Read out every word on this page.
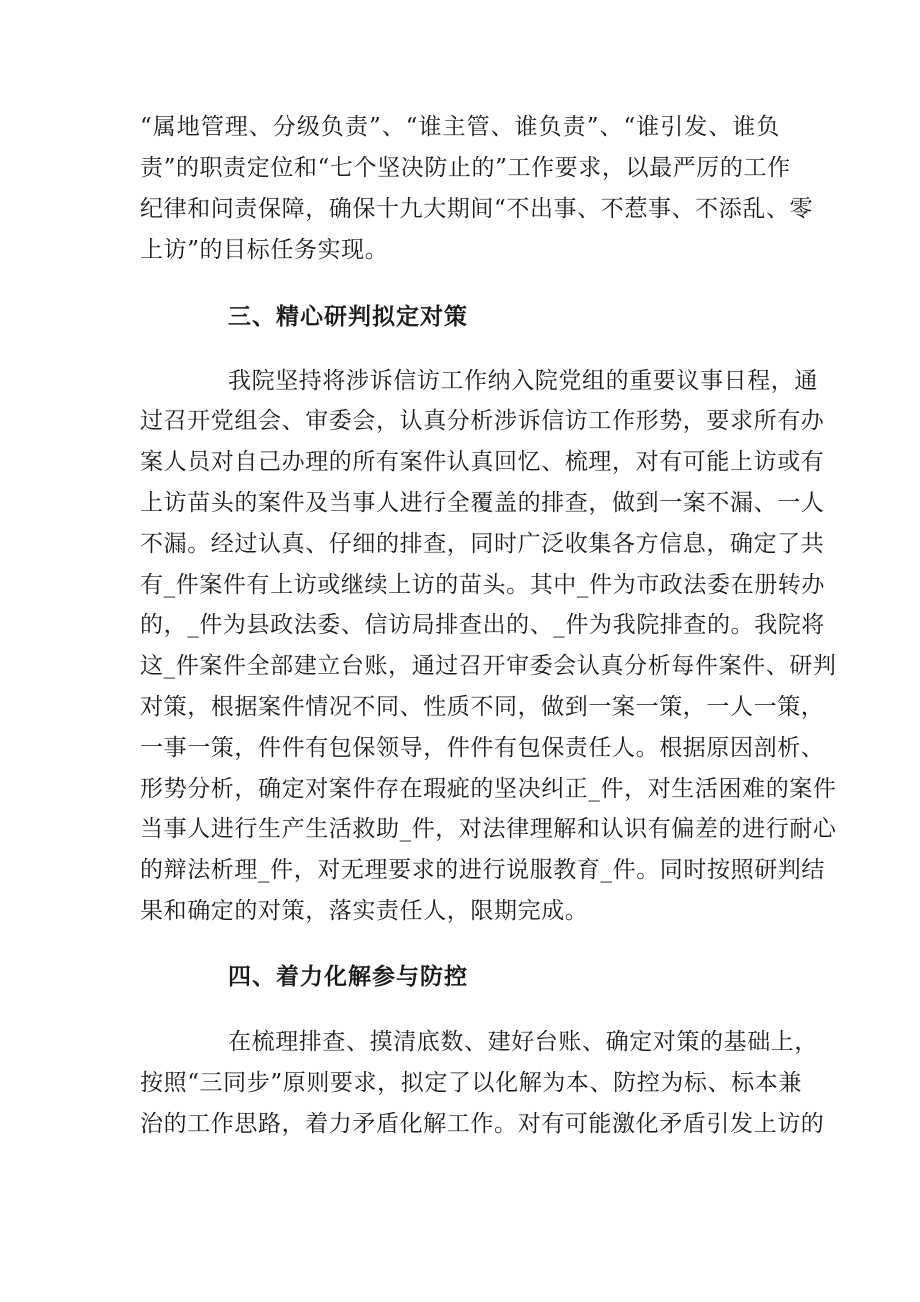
“属地管理、分级负责”、“谁主管、谁负责”、“谁引发、谁负
责”的职责定位和“七个坚决防止的”工作要求，以最严厉的工作
纪律和问责保障，确保十九大期间“不出事、不惹事、不添乱、零
上访”的目标任务实现。
三、精心研判拟定对策
我院坚持将涉诉信访工作纳入院党组的重要议事日程，通
过召开党组会、审委会，认真分析涉诉信访工作形势，要求所有办
案人员对自己办理的所有案件认真回忆、梳理，对有可能上访或有
上访苗头的案件及当事人进行全覆盖的排查，做到一案不漏、一人
不漏。经过认真、仔细的排查，同时广泛收集各方信息，确定了共
有_件案件有上访或继续上访的苗头。其中_件为市政法委在册转办
的，_件为县政法委、信访局排查出的、_件为我院排查的。我院将
这_件案件全部建立台账，通过召开审委会认真分析每件案件、研判
对策，根据案件情况不同、性质不同，做到一案一策，一人一策，
一事一策，件件有包保领导，件件有包保责任人。根据原因剖析、
形势分析，确定对案件存在瑕疵的坚决纠正_件，对生活困难的案件
当事人进行生产生活救助_件，对法律理解和认识有偏差的进行耐心
的辩法析理_件，对无理要求的进行说服教育_件。同时按照研判结
果和确定的对策，落实责任人，限期完成。
四、着力化解参与防控
在梳理排查、摸清底数、建好台账、确定对策的基础上，
按照“三同步”原则要求，拟定了以化解为本、防控为标、标本兼
治的工作思路，着力矛盾化解工作。对有可能激化矛盾引发上访的
